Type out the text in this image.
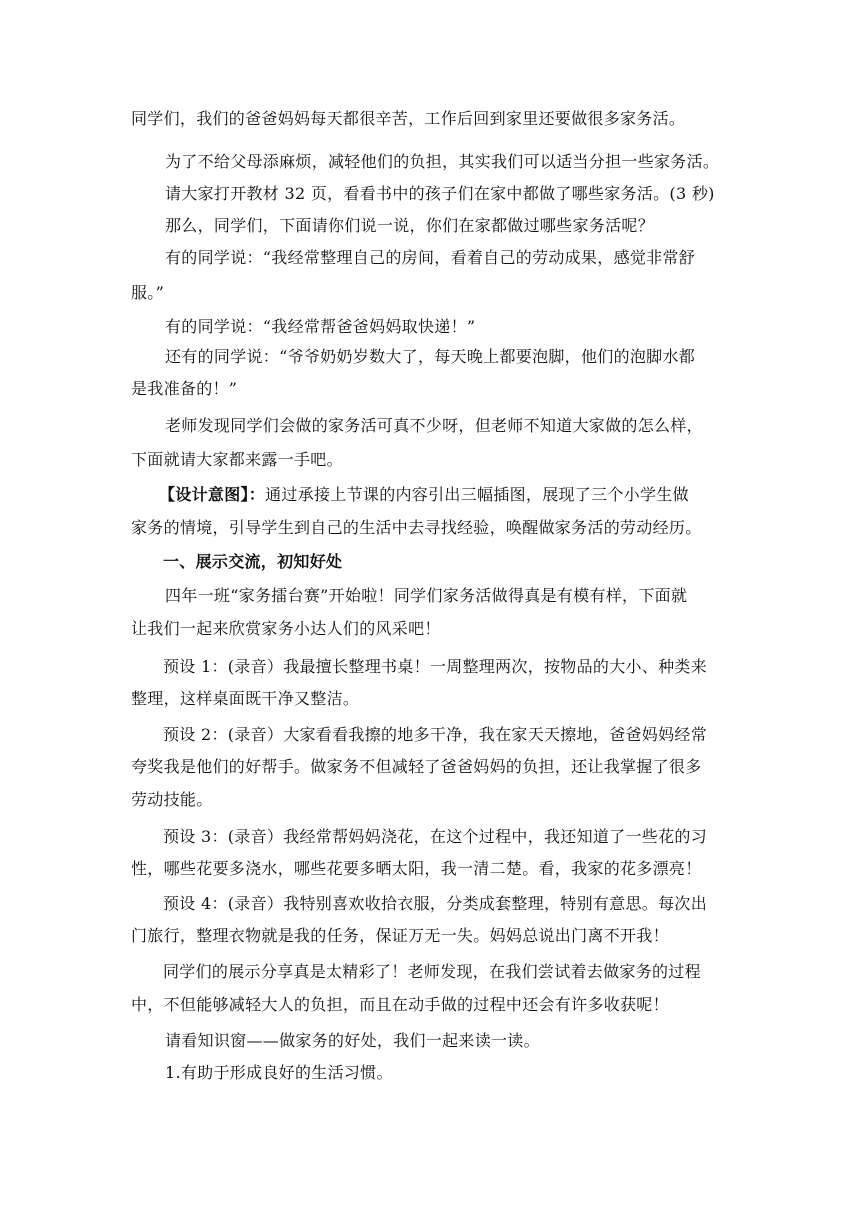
同学们，我们的爸爸妈妈每天都很辛苦，工作后回到家里还要做很多家务活。
为了不给父母添麻烦，减轻他们的负担，其实我们可以适当分担一些家务活。
请大家打开教材 32 页，看看书中的孩子们在家中都做了哪些家务活。(3 秒)
那么，同学们，下面请你们说一说，你们在家都做过哪些家务活呢？
有的同学说：“我经常整理自己的房间，看着自己的劳动成果，感觉非常舒
服。”
有的同学说：“我经常帮爸爸妈妈取快递！”
还有的同学说：“爷爷奶奶岁数大了，每天晚上都要泡脚，他们的泡脚水都
是我准备的！”
老师发现同学们会做的家务活可真不少呀，但老师不知道大家做的怎么样，
下面就请大家都来露一手吧。
【设计意图】：通过承接上节课的内容引出三幅插图，展现了三个小学生做
家务的情境，引导学生到自己的生活中去寻找经验，唤醒做家务活的劳动经历。
一、展示交流，初知好处
四年一班“家务擂台赛”开始啦！同学们家务活做得真是有模有样，下面就
让我们一起来欣赏家务小达人们的风采吧！
预设 1：(录音）我最擅长整理书桌！一周整理两次，按物品的大小、种类来
整理，这样桌面既干净又整洁。
预设 2：(录音）大家看看我擦的地多干净，我在家天天擦地，爸爸妈妈经常
夸奖我是他们的好帮手。做家务不但减轻了爸爸妈妈的负担，还让我掌握了很多
劳动技能。
预设 3：(录音）我经常帮妈妈浇花，在这个过程中，我还知道了一些花的习
性，哪些花要多浇水，哪些花要多晒太阳，我一清二楚。看，我家的花多漂亮！
预设 4：(录音）我特别喜欢收拾衣服，分类成套整理，特别有意思。每次出
门旅行，整理衣物就是我的任务，保证万无一失。妈妈总说出门离不开我！
同学们的展示分享真是太精彩了！老师发现，在我们尝试着去做家务的过程
中，不但能够减轻大人的负担，而且在动手做的过程中还会有许多收获呢！
请看知识窗——做家务的好处，我们一起来读一读。
1.有助于形成良好的生活习惯。
